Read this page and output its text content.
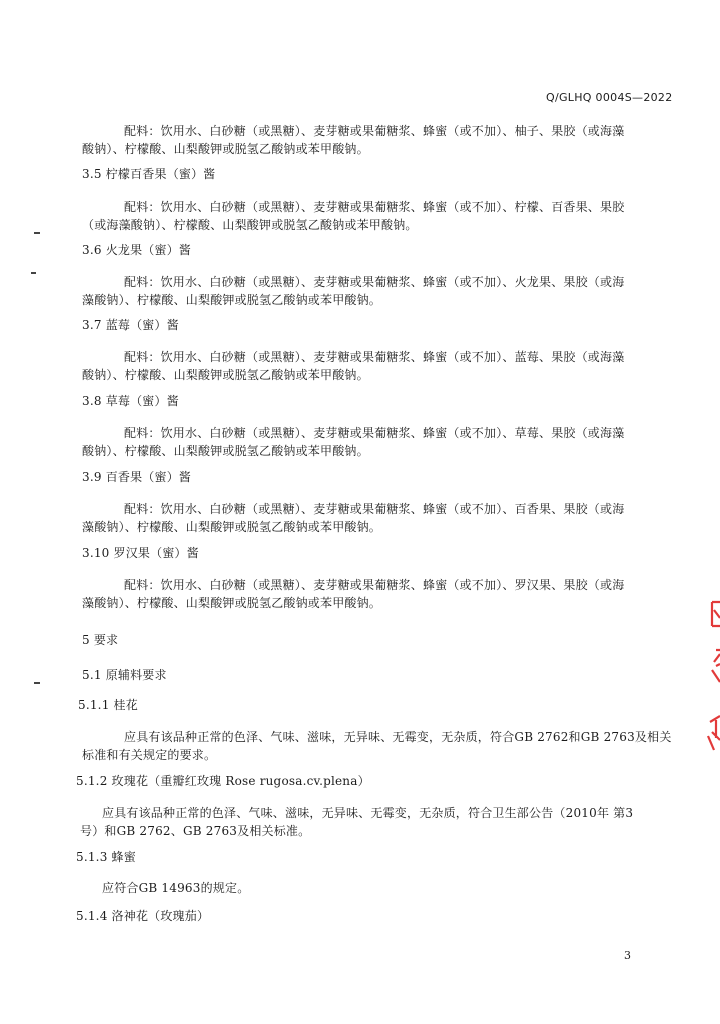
Q/GLHQ 0004S—2022
配料：饮用水、白砂糖（或黑糖）、麦芽糖或果葡糖浆、蜂蜜（或不加）、柚子、果胶（或海藻
酸钠）、柠檬酸、山梨酸钾或脱氢乙酸钠或苯甲酸钠。
3.5 柠檬百香果（蜜）酱
配料：饮用水、白砂糖（或黑糖）、麦芽糖或果葡糖浆、蜂蜜（或不加）、柠檬、百香果、果胶
（或海藻酸钠）、柠檬酸、山梨酸钾或脱氢乙酸钠或苯甲酸钠。
3.6 火龙果（蜜）酱
配料：饮用水、白砂糖（或黑糖）、麦芽糖或果葡糖浆、蜂蜜（或不加）、火龙果、果胶（或海
藻酸钠）、柠檬酸、山梨酸钾或脱氢乙酸钠或苯甲酸钠。
3.7 蓝莓（蜜）酱
配料：饮用水、白砂糖（或黑糖）、麦芽糖或果葡糖浆、蜂蜜（或不加）、蓝莓、果胶（或海藻
酸钠）、柠檬酸、山梨酸钾或脱氢乙酸钠或苯甲酸钠。
3.8 草莓（蜜）酱
配料：饮用水、白砂糖（或黑糖）、麦芽糖或果葡糖浆、蜂蜜（或不加）、草莓、果胶（或海藻
酸钠）、柠檬酸、山梨酸钾或脱氢乙酸钠或苯甲酸钠。
3.9 百香果（蜜）酱
配料：饮用水、白砂糖（或黑糖）、麦芽糖或果葡糖浆、蜂蜜（或不加）、百香果、果胶（或海
藻酸钠）、柠檬酸、山梨酸钾或脱氢乙酸钠或苯甲酸钠。
3.10 罗汉果（蜜）酱
配料：饮用水、白砂糖（或黑糖）、麦芽糖或果葡糖浆、蜂蜜（或不加）、罗汉果、果胶（或海
藻酸钠）、柠檬酸、山梨酸钾或脱氢乙酸钠或苯甲酸钠。
5 要求
5.1 原辅料要求
5.1.1 桂花
应具有该品种正常的色泽、气味、滋味，无异味、无霉变，无杂质，符合GB 2762和GB 2763及相关
标准和有关规定的要求。
5.1.2 玫瑰花（重瓣红玫瑰 Rose rugosa.cv.plena）
应具有该品种正常的色泽、气味、滋味，无异味、无霉变，无杂质，符合卫生部公告（2010年 第3
号）和GB 2762、GB 2763及相关标准。
5.1.3 蜂蜜
应符合GB 14963的规定。
5.1.4 洛神花（玫瑰茄）
3
